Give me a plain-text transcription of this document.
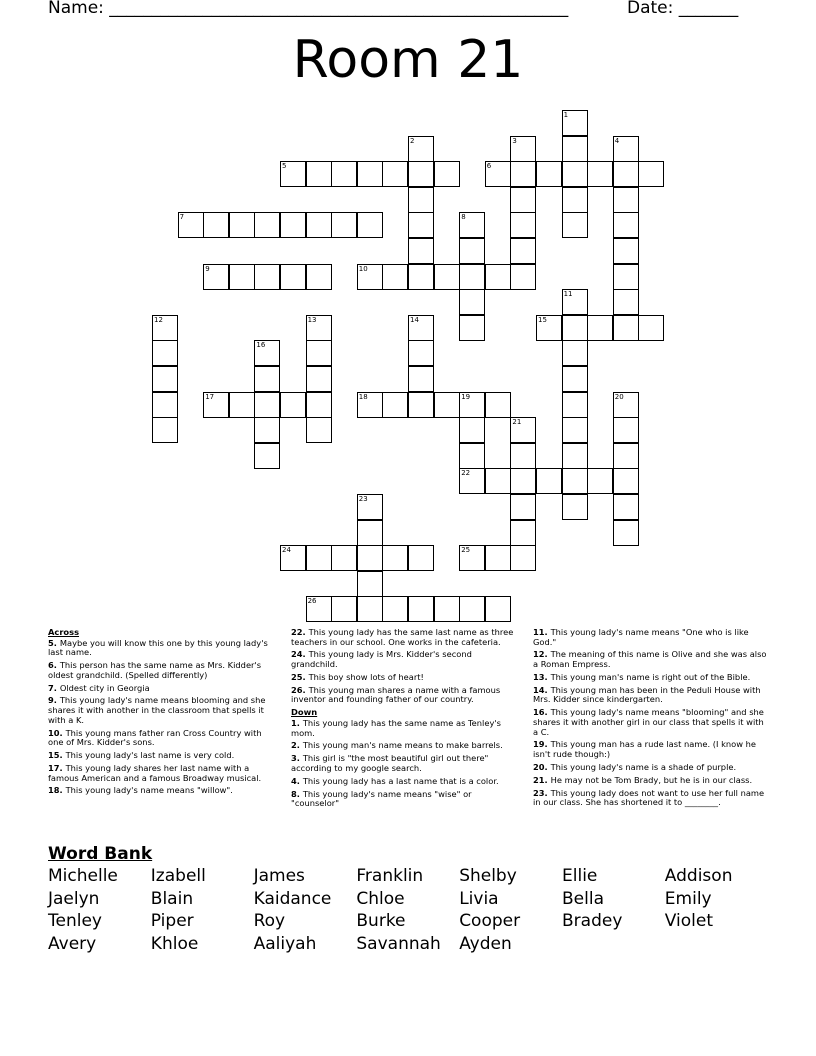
Name: ______________________________________________________	Date: _______
Room 21
1
2	3	4
5	6
7	8
9	10
11
12	13	14	15
16
17	18	19	20
21
22
23
24	25
26
Across
5. Maybe you will know this one by this young lady's last name.
6. This person has the same name as Mrs. Kidder's oldest grandchild. (Spelled differently)
7. Oldest city in Georgia
9. This young lady's name means blooming and she shares it with another in the classroom that spells it with a K.
10. This young mans father ran Cross Country with one of Mrs. Kidder's sons.
15. This young lady's last name is very cold.
17. This young lady shares her last name with a famous American and a famous Broadway musical.
18. This young lady's name means "willow".
22. This young lady has the same last name as three teachers in our school. One works in the cafeteria.
24. This young lady is Mrs. Kidder's second grandchild.
25. This boy show lots of heart!
26. This young man shares a name with a famous inventor and founding father of our country.
Down
1. This young lady has the same name as Tenley's mom.
2. This young man's name means to make barrels.
3. This girl is "the most beautiful girl out there" according to my google search.
4. This young lady has a last name that is a color.
8. This young lady's name means "wise" or "counselor"
11. This young lady's name means "One who is like God."
12. The meaning of this name is Olive and she was also a Roman Empress.
13. This young man's name is right out of the Bible.
14. This young man has been in the Peduli House with Mrs. Kidder since kindergarten.
16. This young lady's name means "blooming" and she shares it with another girl in our class that spells it with a C.
19. This young man has a rude last name. (I know he isn't rude though:)
20. This young lady's name is a shade of purple.
21. He may not be Tom Brady, but he is in our class.
23. This young lady does not want to use her full name in our class. She has shortened it to ________.
Word Bank
Michelle Izabell	James	Franklin Shelby	Ellie	Addison
Jaelyn	Blain	Kaidance Chloe	Livia	Bella	Emily
Tenley	Piper	Roy	Burke	Cooper Bradey Violet
Avery	Khloe	Aaliyah Savannah Ayden
